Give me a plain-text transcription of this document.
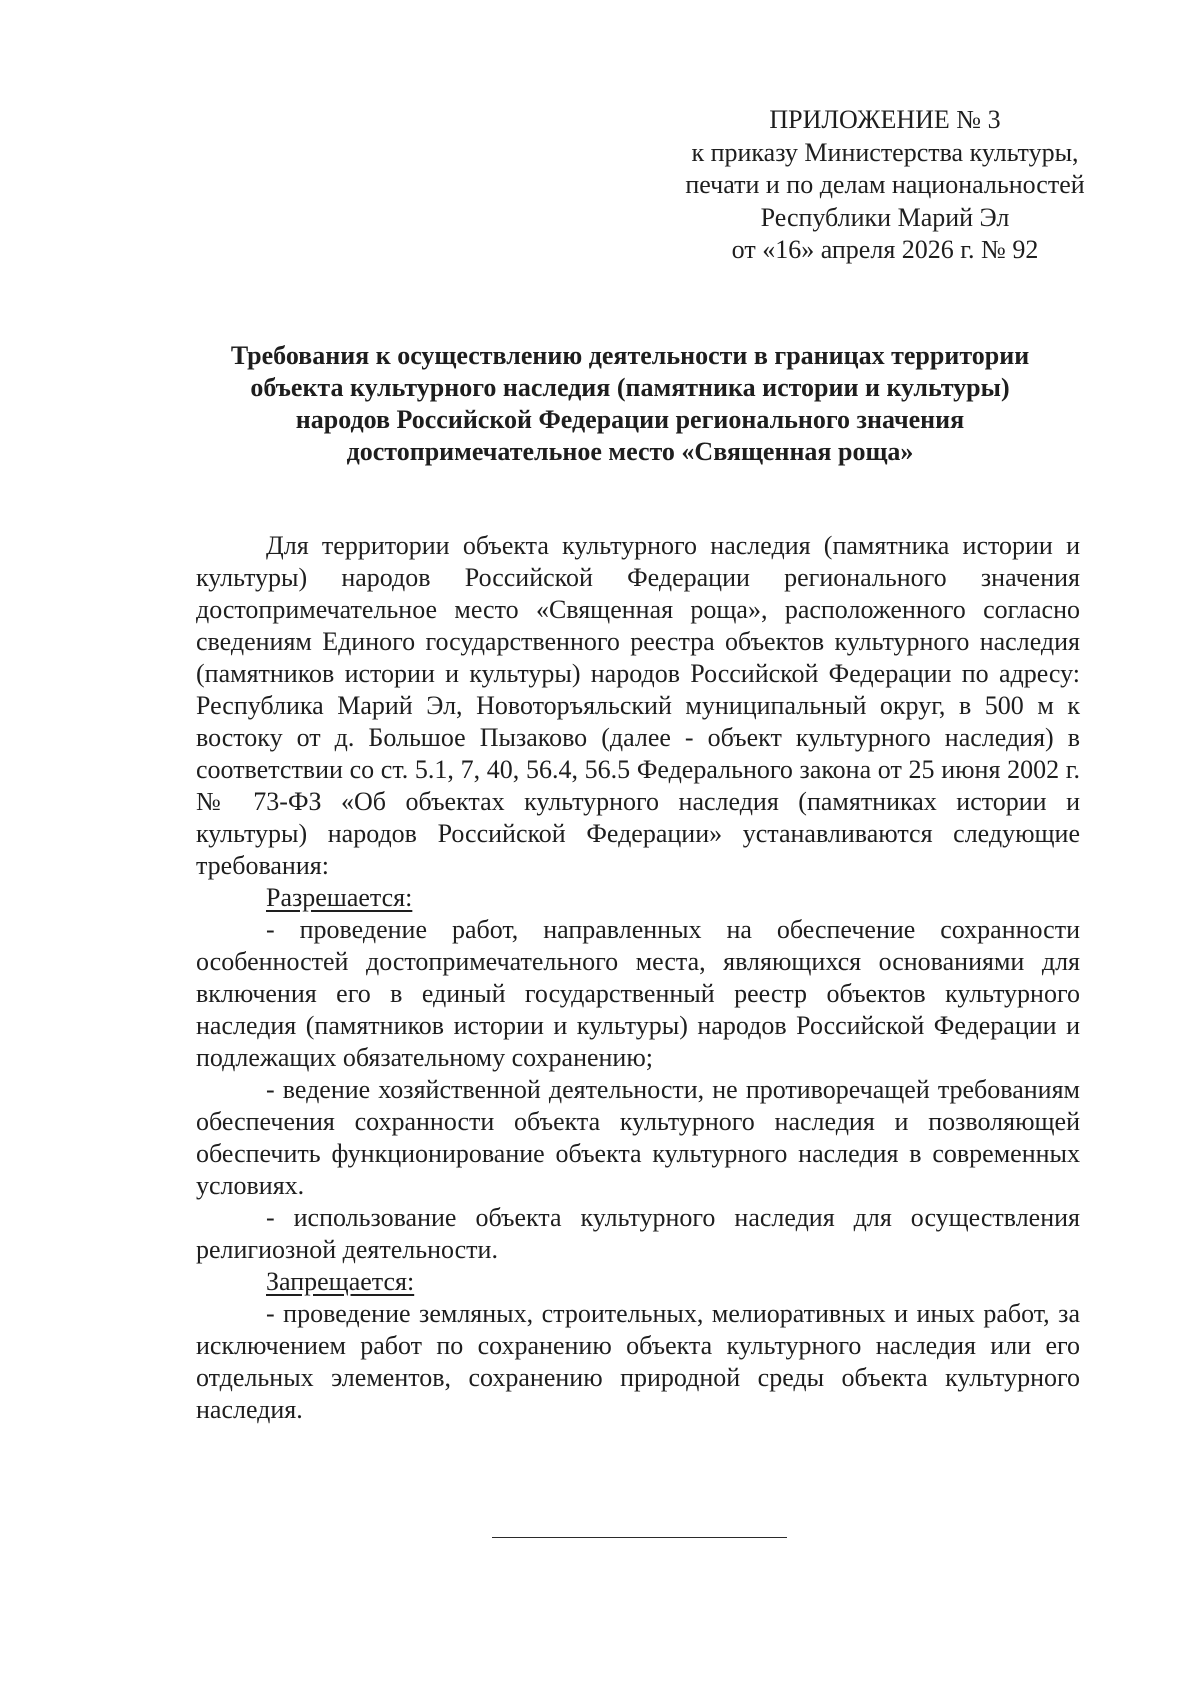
ПРИЛОЖЕНИЕ № 3
к приказу Министерства культуры,
печати и по делам национальностей
Республики Марий Эл
от «16» апреля 2026 г. № 92
Требования к осуществлению деятельности в границах территории
объекта культурного наследия (памятника истории и культуры)
народов Российской Федерации регионального значения
достопримечательное место «Священная роща»

Для территории объекта культурного наследия (памятника истории и культуры) народов Российской Федерации регионального значения достопримечательное место «Священная роща», расположенного согласно сведениям Единого государственного реестра объектов культурного наследия (памятников истории и культуры) народов Российской Федерации по адресу: Республика Марий Эл, Новоторъяльский муниципальный округ, в 500 м к востоку от д. Большое Пызаково (далее - объект культурного наследия) в соответствии со ст. 5.1, 7, 40, 56.4, 56.5 Федерального закона от 25 июня 2002 г. № 73-ФЗ «Об объектах культурного наследия (памятниках истории и культуры) народов Российской Федерации» устанавливаются следующие требования:

Разрешается:

- проведение работ, направленных на обеспечение сохранности особенностей достопримечательного места, являющихся основаниями для включения его в единый государственный реестр объектов культурного наследия (памятников истории и культуры) народов Российской Федерации и подлежащих обязательному сохранению;

- ведение хозяйственной деятельности, не противоречащей требованиям обеспечения сохранности объекта культурного наследия и позволяющей обеспечить функционирование объекта культурного наследия в современных условиях.

- использование объекта культурного наследия для осуществления религиозной деятельности.

Запрещается:

- проведение земляных, строительных, мелиоративных и иных работ, за исключением работ по сохранению объекта культурного наследия или его отдельных элементов, сохранению природной среды объекта культурного наследия.
